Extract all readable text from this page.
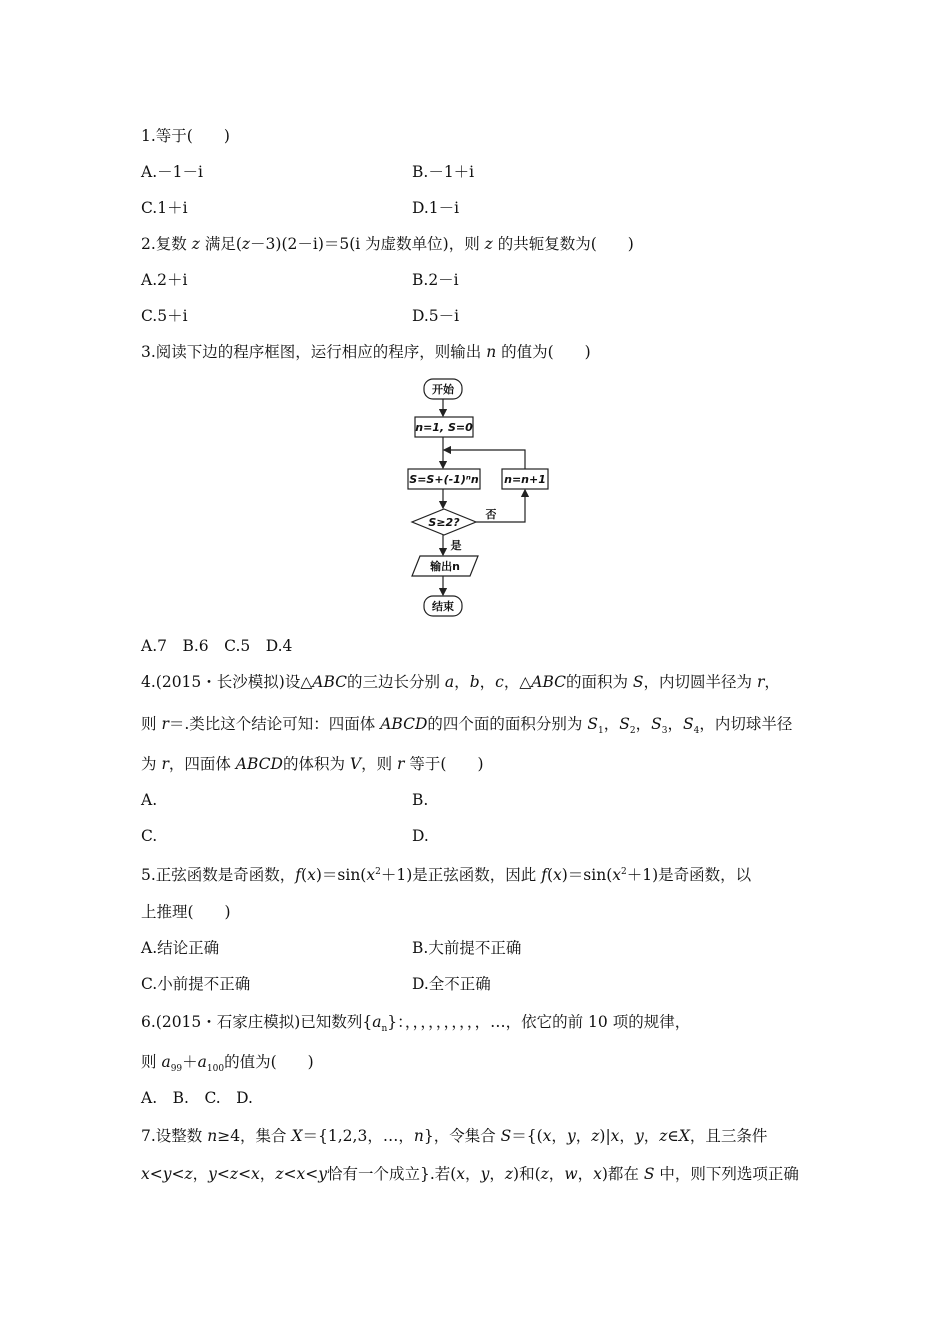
1.等于(　　)
A.－1－i	B.－1＋i
C.1＋i	D.1－i
2.复数 z 满足(z－3)(2－i)＝5(i 为虚数单位)，则 z 的共轭复数为(　　)
A.2＋i	B.2－i
C.5＋i	D.5－i
3.阅读下边的程序框图，运行相应的程序，则输出 n 的值为(　　)
开始
n=1, S=0
S=S+(-1)ⁿn n=n+1
S≥2?
否
是
输出n
结束
A.7　B.6　C.5　D.4
4.(2015・长沙模拟)设△ABC的三边长分别 a，b，c，△ABC的面积为 S，内切圆半径为 r，
则 r＝.类比这个结论可知：四面体 ABCD的四个面的面积分别为 $S_1$，$S_2$，$S_3$，$S_4$，内切球半径
为 r，四面体 ABCD的体积为 V，则 r 等于(　　)
A.	B.
C.	D.
5.正弦函数是奇函数，$f(x)=\sin(x^2+1)$是正弦函数，因此 $f(x)=\sin(x^2+1)$是奇函数，以
上推理(　　)
A.结论正确	B.大前提不正确
C.小前提不正确	D.全不正确
6.(2015・石家庄模拟)已知数列$\{a_n\}$：，，，，，，，，，，…，依它的前 10 项的规律，
则 $a_{99}+a_{100}$的值为(　　)
A.　B.　C.　D.
7.设整数 n≥4，集合 X＝{1,2,3，…，n}，令集合 S＝{(x，y，z)|x，y，z∈X，且三条件
x<y<z，y<z<x，z<x<y恰有一个成立}.若(x，y，z)和(z，w，x)都在 S 中，则下列选项正确
